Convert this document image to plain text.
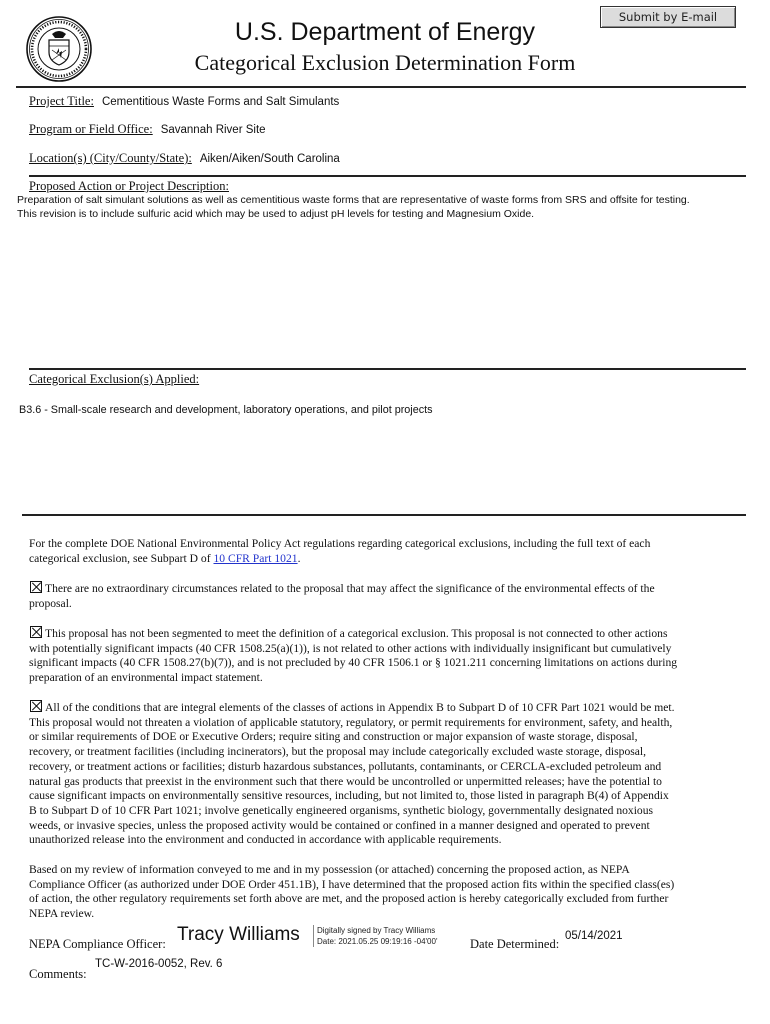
U.S. Department of Energy
Categorical Exclusion Determination Form
Submit by E-mail
Project Title: Cementitious Waste Forms and Salt Simulants
Program or Field Office: Savannah River Site
Location(s) (City/County/State): Aiken/Aiken/South Carolina
Proposed Action or Project Description:
Preparation of salt simulant solutions as well as cementitious waste forms that are representative of waste forms from SRS and offsite for testing.
This revision is to include sulfuric acid which may be used to adjust pH levels for testing and Magnesium Oxide.
Categorical Exclusion(s) Applied:
B3.6 - Small-scale research and development, laboratory operations, and pilot projects
For the complete DOE National Environmental Policy Act regulations regarding categorical exclusions, including the full text of each
categorical exclusion, see Subpart D of 10 CFR Part 1021.
There are no extraordinary circumstances related to the proposal that may affect the significance of the environmental effects of the
proposal.
This proposal has not been segmented to meet the definition of a categorical exclusion. This proposal is not connected to other actions
with potentially significant impacts (40 CFR 1508.25(a)(1)), is not related to other actions with individually insignificant but cumulatively
significant impacts (40 CFR 1508.27(b)(7)), and is not precluded by 40 CFR 1506.1 or § 1021.211 concerning limitations on actions during
preparation of an environmental impact statement.
All of the conditions that are integral elements of the classes of actions in Appendix B to Subpart D of 10 CFR Part 1021 would be met.
This proposal would not threaten a violation of applicable statutory, regulatory, or permit requirements for environment, safety, and health,
or similar requirements of DOE or Executive Orders; require siting and construction or major expansion of waste storage, disposal,
recovery, or treatment facilities (including incinerators), but the proposal may include categorically excluded waste storage, disposal,
recovery, or treatment actions or facilities; disturb hazardous substances, pollutants, contaminants, or CERCLA-excluded petroleum and
natural gas products that preexist in the environment such that there would be uncontrolled or unpermitted releases; have the potential to
cause significant impacts on environmentally sensitive resources, including, but not limited to, those listed in paragraph B(4) of Appendix
B to Subpart D of 10 CFR Part 1021; involve genetically engineered organisms, synthetic biology, governmentally designated noxious
weeds, or invasive species, unless the proposed activity would be contained or confined in a manner designed and operated to prevent
unauthorized release into the environment and conducted in accordance with applicable requirements.
Based on my review of information conveyed to me and in my possession (or attached) concerning the proposed action, as NEPA
Compliance Officer (as authorized under DOE Order 451.1B), I have determined that the proposed action fits within the specified class(es)
of action, the other regulatory requirements set forth above are met, and the proposed action is hereby categorically excluded from further
NEPA review.
NEPA Compliance Officer: Tracy Williams Digitally signed by Tracy Williams
Date: 2021.05.25 09:19:16 -04'00'	Date Determined:
05/14/2021
Comments:
TC-W-2016-0052, Rev. 6
